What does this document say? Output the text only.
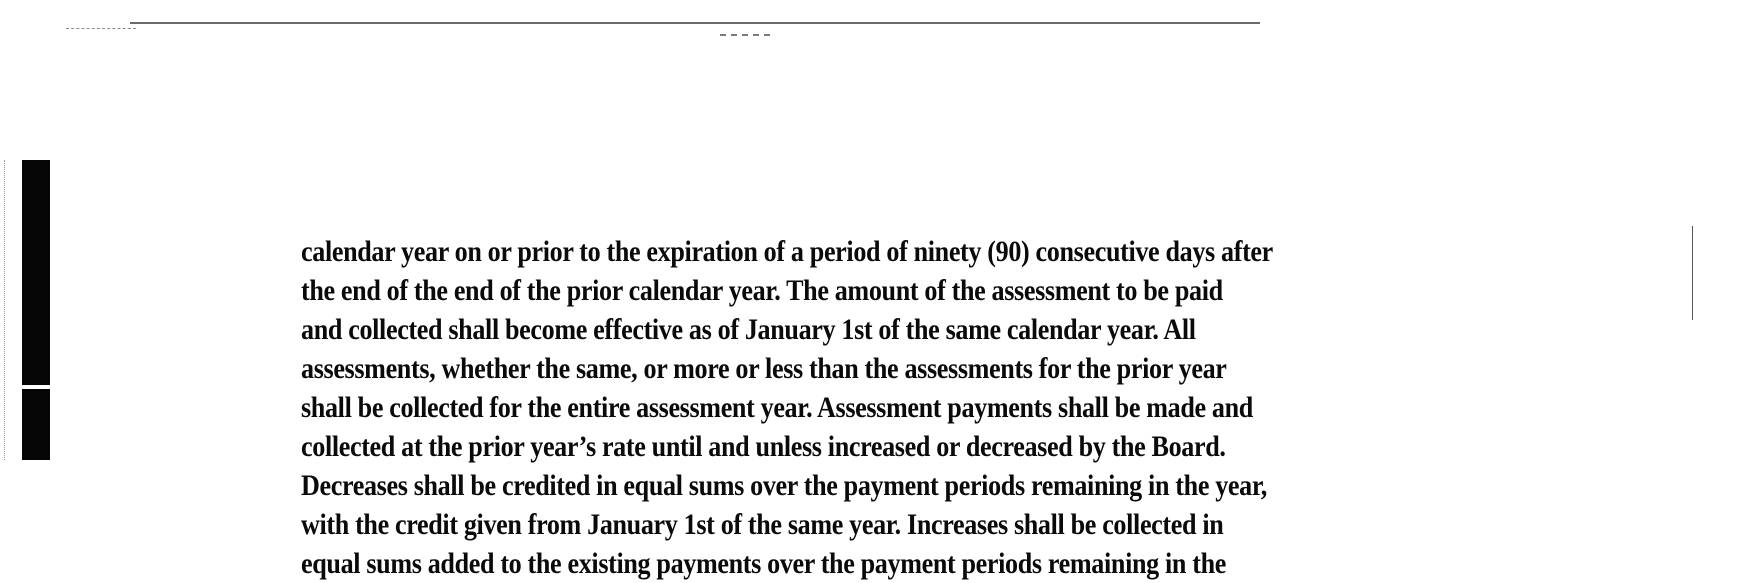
calendar year on or prior to the expiration of a period of ninety (90) consecutive days after
the end of the end of the prior calendar year. The amount of the assessment to be paid
and collected shall become effective as of January 1st of the same calendar year. All
assessments, whether the same, or more or less than the assessments for the prior year
shall be collected for the entire assessment year. Assessment payments shall be made and
collected at the prior year’s rate until and unless increased or decreased by the Board.
Decreases shall be credited in equal sums over the payment periods remaining in the year,
with the credit given from January 1st of the same year. Increases shall be collected in
equal sums added to the existing payments over the payment periods remaining in the
